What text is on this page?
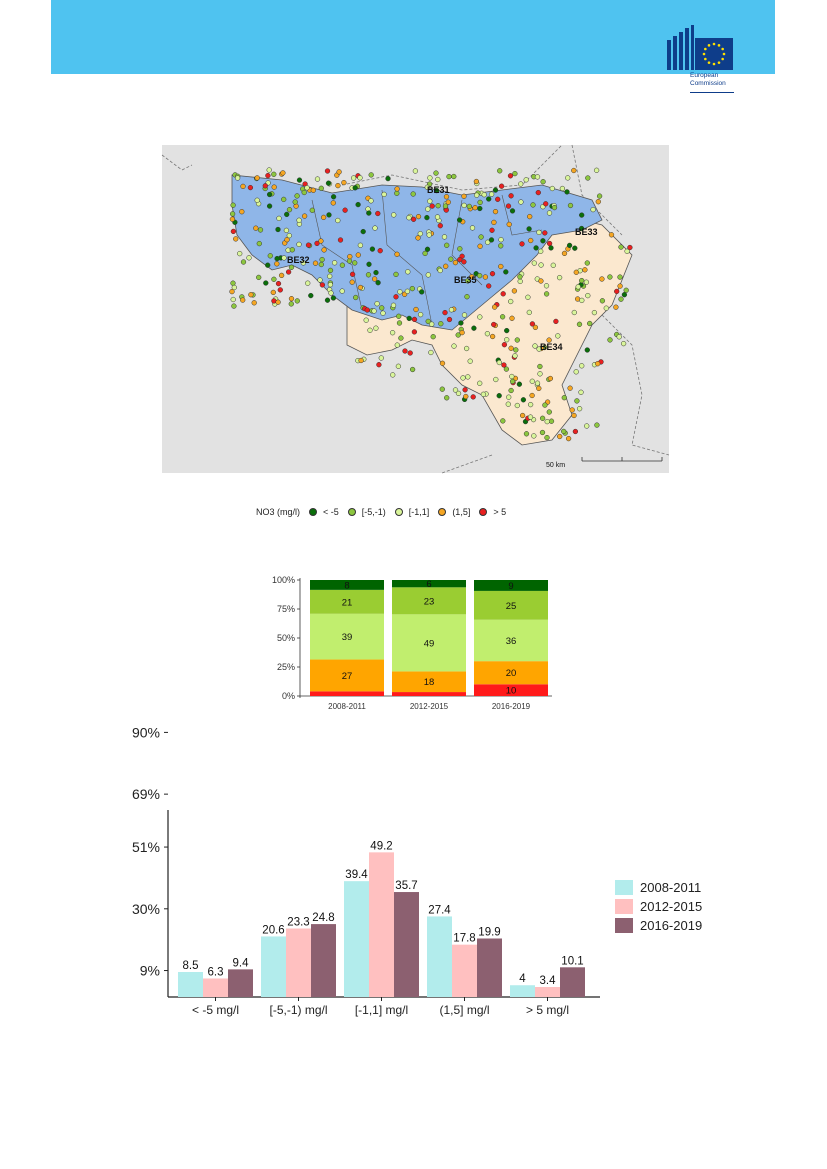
European
Commission
BE31
BE32
BE33
BE34
BE35
50 km
NO3 (mg/l)	< -5	[-5,-1)	[-1,1]	(1,5]	> 5
0%
25%
50%
75%
100%
27
39
21
8
2008-2011
18
49
23
6
2012-2015
10
20
36
25
9
2016-2019
9%
30%
51%
69%
90%
8.5
6.3
9.4
< -5 mg/l
20.6
23.3 24.8
[-5,-1) mg/l
39.4
49.2
35.7
[-1,1] mg/l
27.4
17.8
19.9
(1,5] mg/l
4 3.4
10.1
> 5 mg/l
2008-2011
2012-2015
2016-2019
